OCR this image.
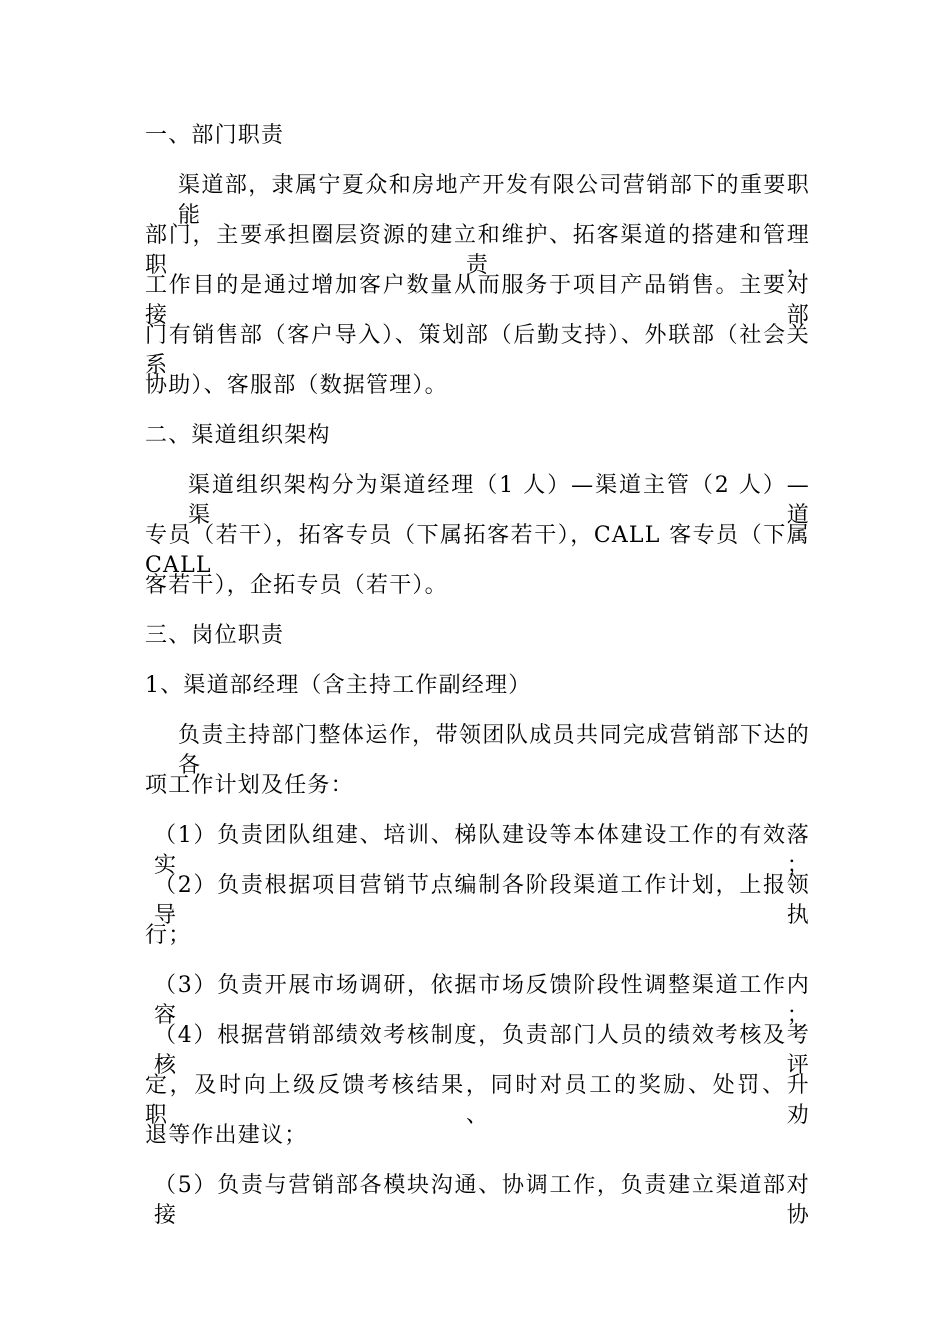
一、部门职责
渠道部，隶属宁夏众和房地产开发有限公司营销部下的重要职能
部门，主要承担圈层资源的建立和维护、拓客渠道的搭建和管理职责，
工作目的是通过增加客户数量从而服务于项目产品销售。主要对接部
门有销售部（客户导入）、策划部（后勤支持）、外联部（社会关系
协助）、客服部（数据管理）。
二、渠道组织架构
渠道组织架构分为渠道经理（1 人）—渠道主管（2 人）—渠道
专员（若干），拓客专员（下属拓客若干），CALL 客专员（下属 CALL
客若干），企拓专员（若干）。
三、岗位职责
1、渠道部经理（含主持工作副经理）
负责主持部门整体运作，带领团队成员共同完成营销部下达的各
项工作计划及任务：
（1）负责团队组建、培训、梯队建设等本体建设工作的有效落实；
（2）负责根据项目营销节点编制各阶段渠道工作计划，上报领导执
行；
（3）负责开展市场调研，依据市场反馈阶段性调整渠道工作内容；
（4）根据营销部绩效考核制度，负责部门人员的绩效考核及考核评
定，及时向上级反馈考核结果，同时对员工的奖励、处罚、升职、劝
退等作出建议；
（5）负责与营销部各模块沟通、协调工作，负责建立渠道部对接协
